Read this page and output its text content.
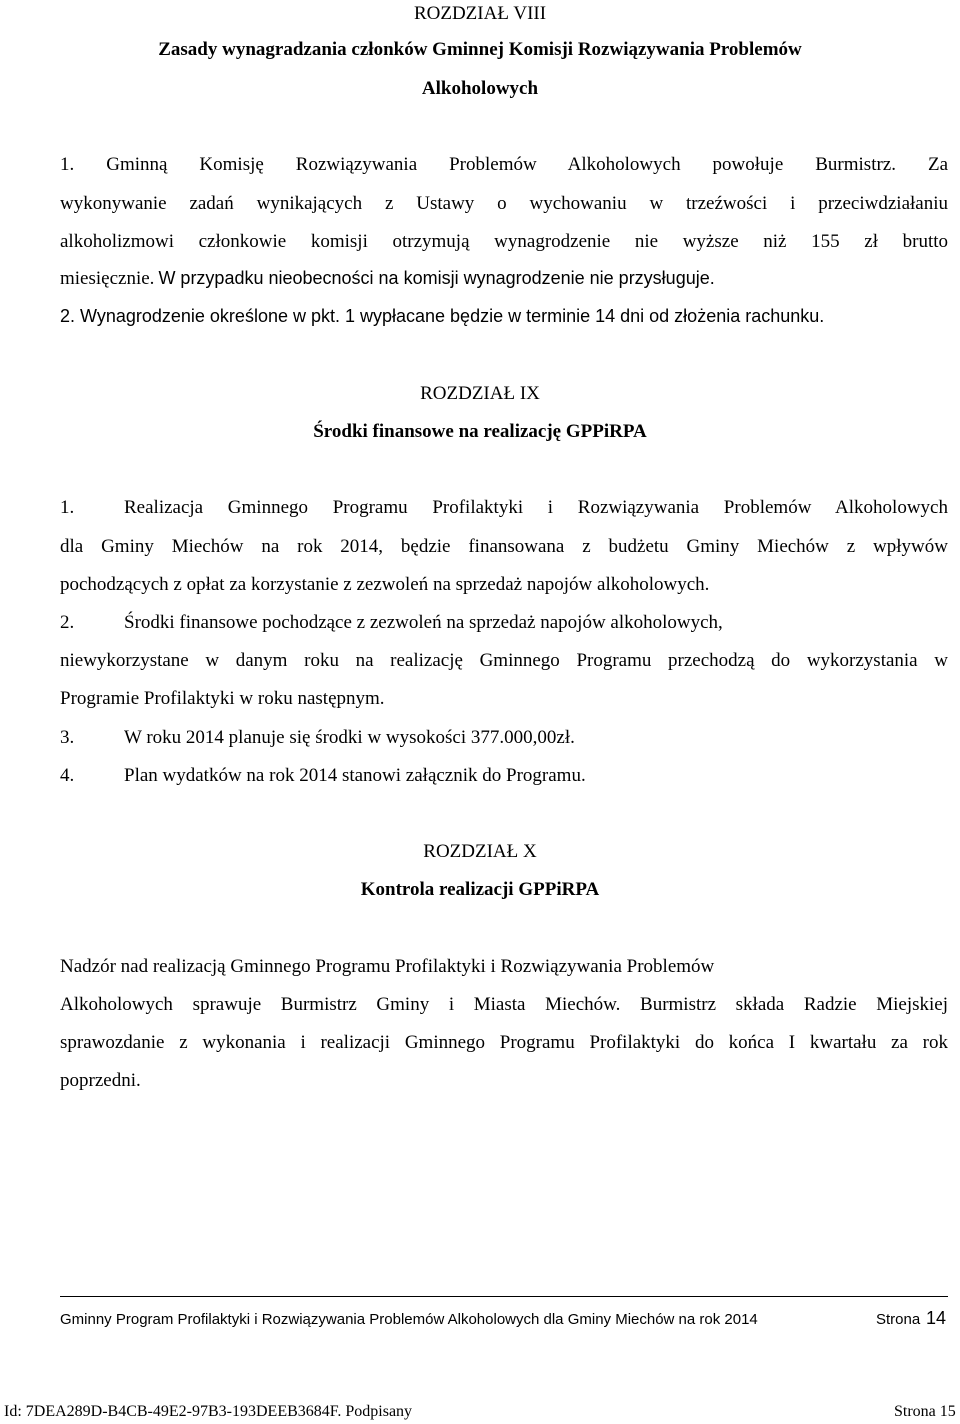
ROZDZIAŁ VIII
Zasady wynagradzania członków Gminnej Komisji Rozwiązywania Problemów
Alkoholowych
1. Gminną Komisję Rozwiązywania Problemów Alkoholowych powołuje Burmistrz. Za
wykonywanie zadań wynikających z Ustawy o wychowaniu w trzeźwości i przeciwdziałaniu
alkoholizmowi członkowie komisji otrzymują wynagrodzenie nie wyższe niż 155 zł brutto
miesięcznie. W przypadku nieobecności na komisji wynagrodzenie nie przysługuje.
2. Wynagrodzenie określone w pkt. 1 wypłacane będzie w terminie 14 dni od złożenia rachunku.
ROZDZIAŁ IX
Środki finansowe na realizację GPPiRPA
1.	Realizacja Gminnego Programu Profilaktyki i Rozwiązywania Problemów Alkoholowych
dla Gminy Miechów na rok 2014, będzie finansowana z budżetu Gminy Miechów z wpływów
pochodzących z opłat za korzystanie z zezwoleń na sprzedaż napojów alkoholowych.
2.	Środki finansowe pochodzące z zezwoleń na sprzedaż napojów alkoholowych,
niewykorzystane w danym roku na realizację Gminnego Programu przechodzą do wykorzystania w
Programie Profilaktyki w roku następnym.
3.	W roku 2014 planuje się środki w wysokości 377.000,00zł.
4.	Plan wydatków na rok 2014 stanowi załącznik do Programu.
ROZDZIAŁ X
Kontrola realizacji GPPiRPA
Nadzór nad realizacją Gminnego Programu Profilaktyki i Rozwiązywania Problemów
Alkoholowych sprawuje Burmistrz Gminy i Miasta Miechów. Burmistrz składa Radzie Miejskiej
sprawozdanie z wykonania i realizacji Gminnego Programu Profilaktyki do końca I kwartału za rok
poprzedni.
Gminny Program Profilaktyki i Rozwiązywania Problemów Alkoholowych dla Gminy Miechów na rok 2014	Strona 14
Id: 7DEA289D-B4CB-49E2-97B3-193DEEB3684F. Podpisany	Strona 15
